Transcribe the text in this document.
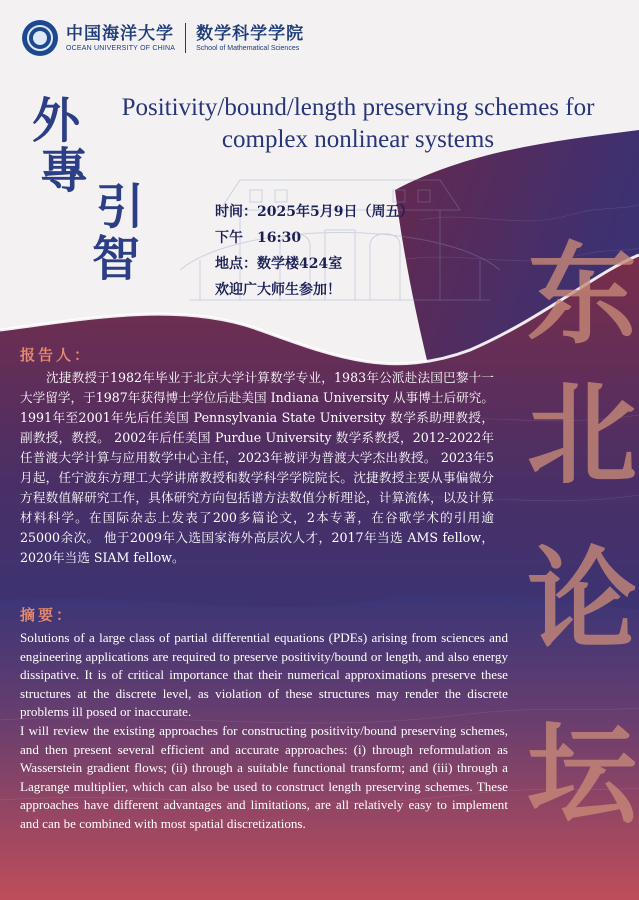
中国海洋大学
OCEAN UNIVERSITY OF CHINA
数学科学学院
School of Mathematical Sciences
外
專
引
智
Positivity/bound/length preserving schemes for complex nonlinear systems
时间：2025年5月9日（周五）
下午　16:30
地点：数学楼424室
欢迎广大师生参加！	东
北
论
坛
报告人：
沈捷教授于1982年毕业于北京大学计算数学专业，1983年公派赴法国巴黎十一大学留学，于1987年获得博士学位后赴美国 Indiana University 从事博士后研究。 1991年至2001年先后任美国 Pennsylvania State University 数学系助理教授，副教授，教授。 2002年后任美国 Purdue University 数学系教授，2012-2022年任普渡大学计算与应用数学中心主任，2023年被评为普渡大学杰出教授。 2023年5月起，任宁波东方理工大学讲席教授和数学科学学院院长。沈捷教授主要从事偏微分方程数值解研究工作，具体研究方向包括谱方法数值分析理论，计算流体，以及计算材料科学。在国际杂志上发表了200多篇论文，2本专著，在谷歌学术的引用逾25000余次。 他于2009年入选国家海外高层次人才，2017年当选 AMS fellow，2020年当选 SIAM fellow。
摘要：

Solutions of a large class of partial differential equations (PDEs) arising from sciences and engineering applications are required to preserve positivity/bound or length, and also energy dissipative. It is of critical importance that their numerical approximations preserve these structures at the discrete level, as violation of these structures may render the discrete problems ill posed or inaccurate.

I will review the existing approaches for constructing positivity/bound preserving schemes, and then present several efficient and accurate approaches: (i) through reformulation as Wasserstein gradient flows; (ii) through a suitable functional transform; and (iii) through a Lagrange multiplier, which can also be used to construct length preserving schemes. These approaches have different advantages and limitations, are all relatively easy to implement and can be combined with most spatial discretizations.
